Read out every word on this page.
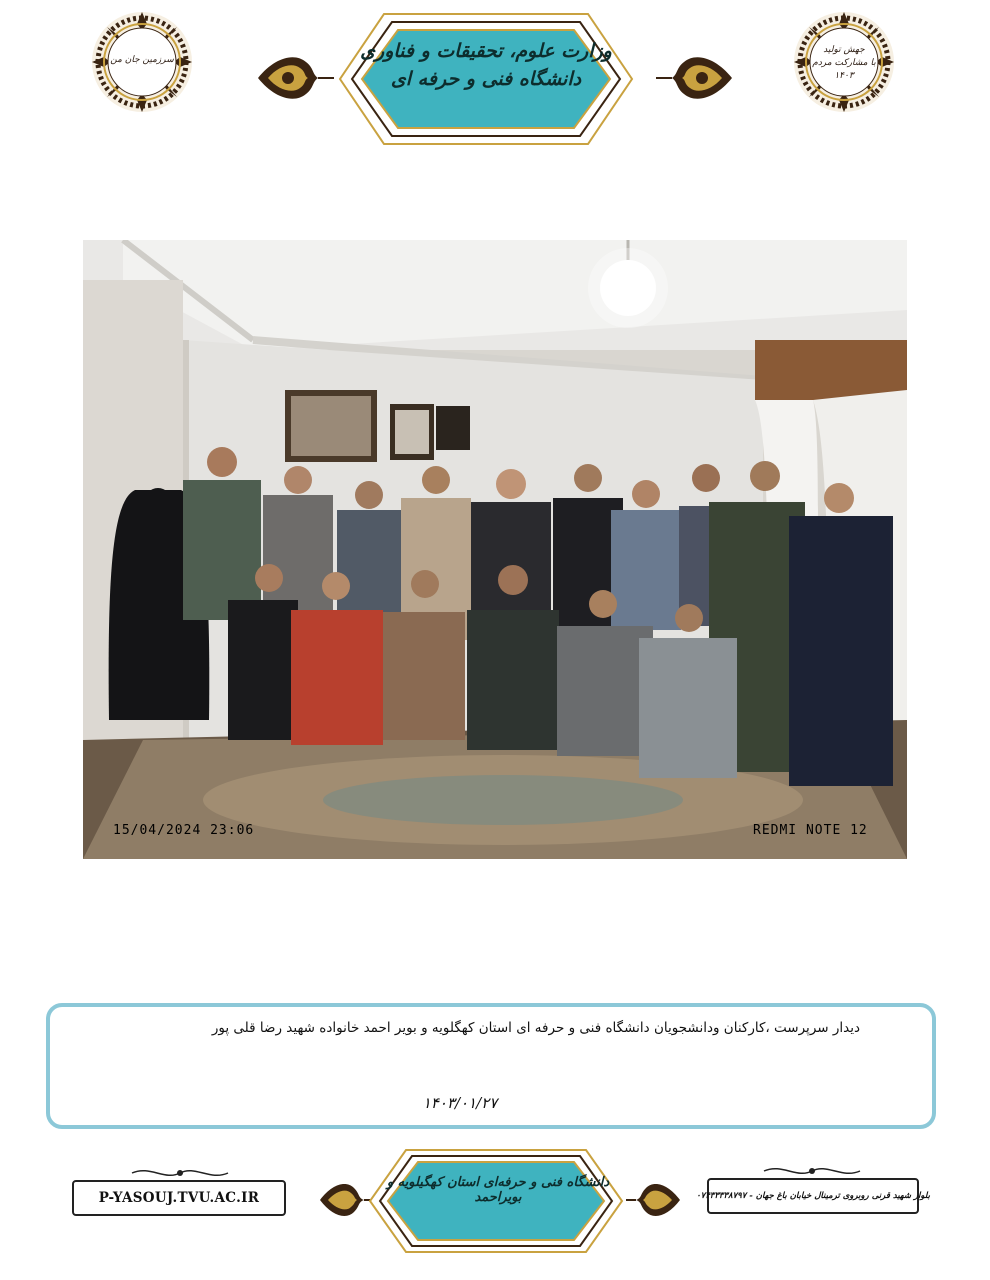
سرزمین جان من	وزارت علوم، تحقیقات و فناوری
دانشگاه فنی و حرفه ای
جهش تولید
با مشارکت مردم
۱۴۰۳
15/04/2024 23:06	REDMI NOTE 12
دیدار سرپرست ،کارکنان ودانشجویان دانشگاه فنی و حرفه ای استان کهگلویه و بویر احمد خانواده شهید رضا قلی پور
۱۴۰۳/۰۱/۲۷
P-YASOUJ.TVU.AC.IR
دانشگاه فنی و حرفه‌ای استان کهگیلویه و بویراحمد	بلوار شهید قرنی روبروی ترمینال خیابان باغ جهان - ۰۷۴۳۳۳۳۸۷۹۷
